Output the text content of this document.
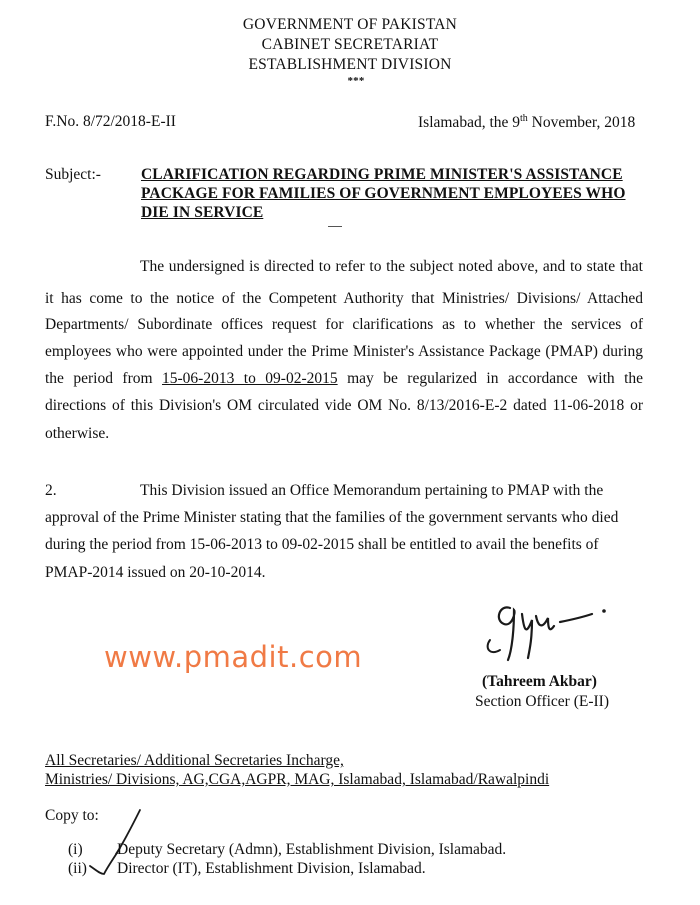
GOVERNMENT OF PAKISTAN
CABINET SECRETARIAT
ESTABLISHMENT DIVISION
***
F.No. 8/72/2018-E-II	Islamabad, the 9th November, 2018
Subject:-	CLARIFICATION REGARDING PRIME MINISTER'S ASSISTANCE
PACKAGE FOR FAMILIES OF GOVERNMENT EMPLOYEES WHO
DIE IN SERVICE
The undersigned is directed to refer to the subject noted above, and to state that
it has come to the notice of the Competent Authority that Ministries/ Divisions/ Attached
Departments/ Subordinate offices request for clarifications as to whether the services of
employees who were appointed under the Prime Minister's Assistance Package (PMAP) during
the period from 15-06-2013 to 09-02-2015 may be regularized in accordance with the
directions of this Division's OM circulated vide OM No. 8/13/2016-E-2 dated 11-06-2018 or
otherwise.
2.	This Division issued an Office Memorandum pertaining to PMAP with the
approval of the Prime Minister stating that the families of the government servants who died
during the period from 15-06-2013 to 09-02-2015 shall be entitled to avail the benefits of
PMAP-2014 issued on 20-10-2014.
www.pmadit.com
(Tahreem Akbar)
Section Officer (E-II)
All Secretaries/ Additional Secretaries Incharge,
Ministries/ Divisions, AG,CGA,AGPR, MAG, Islamabad, Islamabad/Rawalpindi
Copy to:
(i) Deputy Secretary (Admn), Establishment Division, Islamabad.
(ii) Director (IT), Establishment Division, Islamabad.
